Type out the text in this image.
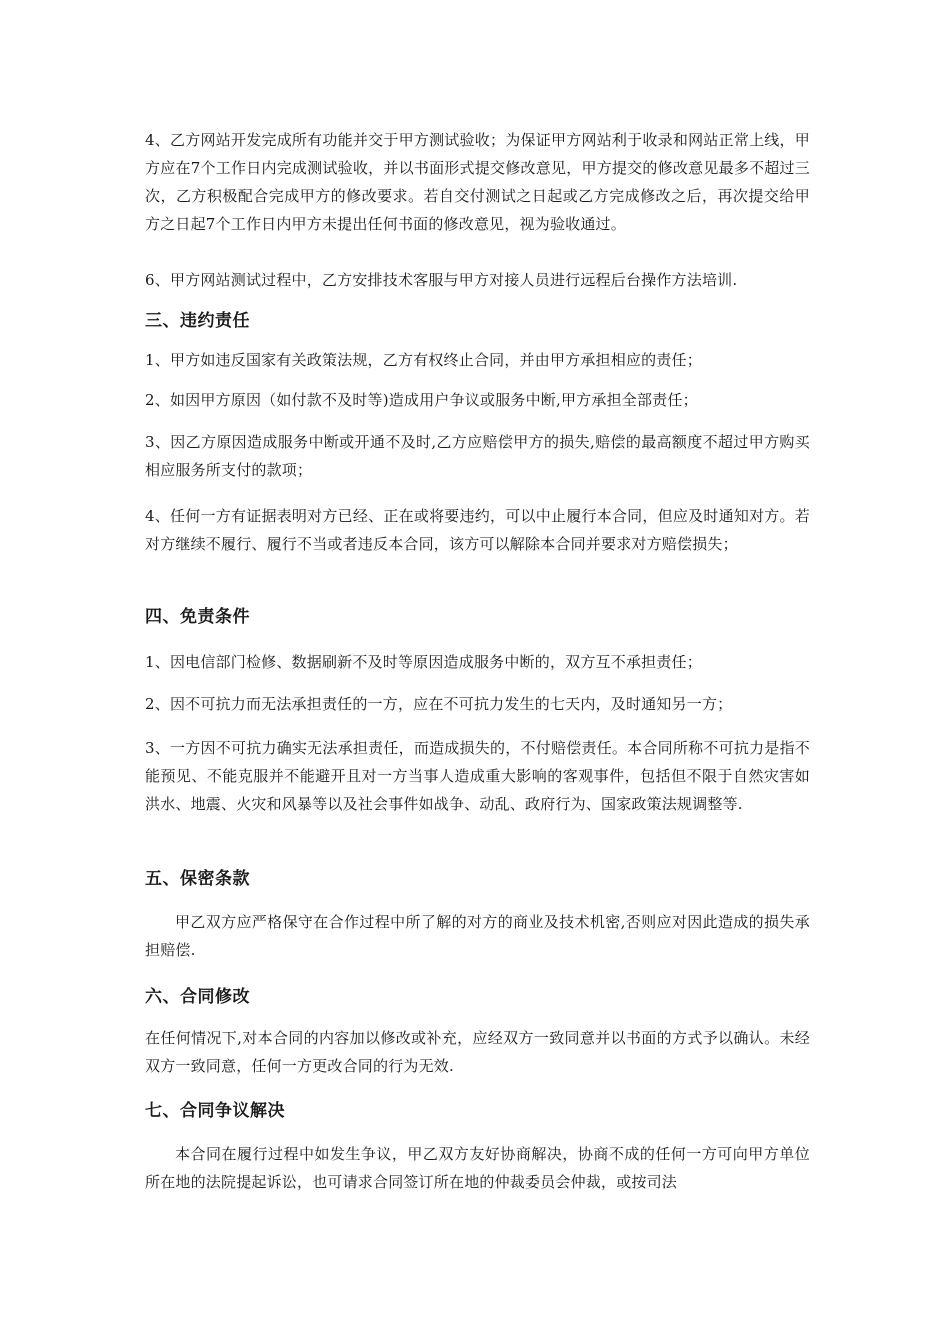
4、乙方网站开发完成所有功能并交于甲方测试验收；为保证甲方网站利于收录和网站正常上线，甲方应在7个工作日内完成测试验收，并以书面形式提交修改意见，甲方提交的修改意见最多不超过三次，乙方积极配合完成甲方的修改要求。若自交付测试之日起或乙方完成修改之后，再次提交给甲方之日起7个工作日内甲方未提出任何书面的修改意见，视为验收通过。

6、甲方网站测试过程中，乙方安排技术客服与甲方对接人员进行远程后台操作方法培训.

三、违约责任

1、甲方如违反国家有关政策法规，乙方有权终止合同，并由甲方承担相应的责任；

2、如因甲方原因（如付款不及时等)造成用户争议或服务中断,甲方承担全部责任；

3、因乙方原因造成服务中断或开通不及时,乙方应赔偿甲方的损失,赔偿的最高额度不超过甲方购买相应服务所支付的款项；

4、任何一方有证据表明对方已经、正在或将要违约，可以中止履行本合同，但应及时通知对方。若对方继续不履行、履行不当或者违反本合同，该方可以解除本合同并要求对方赔偿损失；

四、免责条件

1、因电信部门检修、数据刷新不及时等原因造成服务中断的，双方互不承担责任；

2、因不可抗力而无法承担责任的一方，应在不可抗力发生的七天内，及时通知另一方；

3、一方因不可抗力确实无法承担责任，而造成损失的，不付赔偿责任。本合同所称不可抗力是指不能预见、不能克服并不能避开且对一方当事人造成重大影响的客观事件，包括但不限于自然灾害如洪水、地震、火灾和风暴等以及社会事件如战争、动乱、政府行为、国家政策法规调整等.

五、保密条款

甲乙双方应严格保守在合作过程中所了解的对方的商业及技术机密,否则应对因此造成的损失承担赔偿.

六、合同修改

在任何情况下,对本合同的内容加以修改或补充，应经双方一致同意并以书面的方式予以确认。未经双方一致同意，任何一方更改合同的行为无效.

七、合同争议解决

本合同在履行过程中如发生争议，甲乙双方友好协商解决，协商不成的任何一方可向甲方单位所在地的法院提起诉讼，也可请求合同签订所在地的仲裁委员会仲裁，或按司法
